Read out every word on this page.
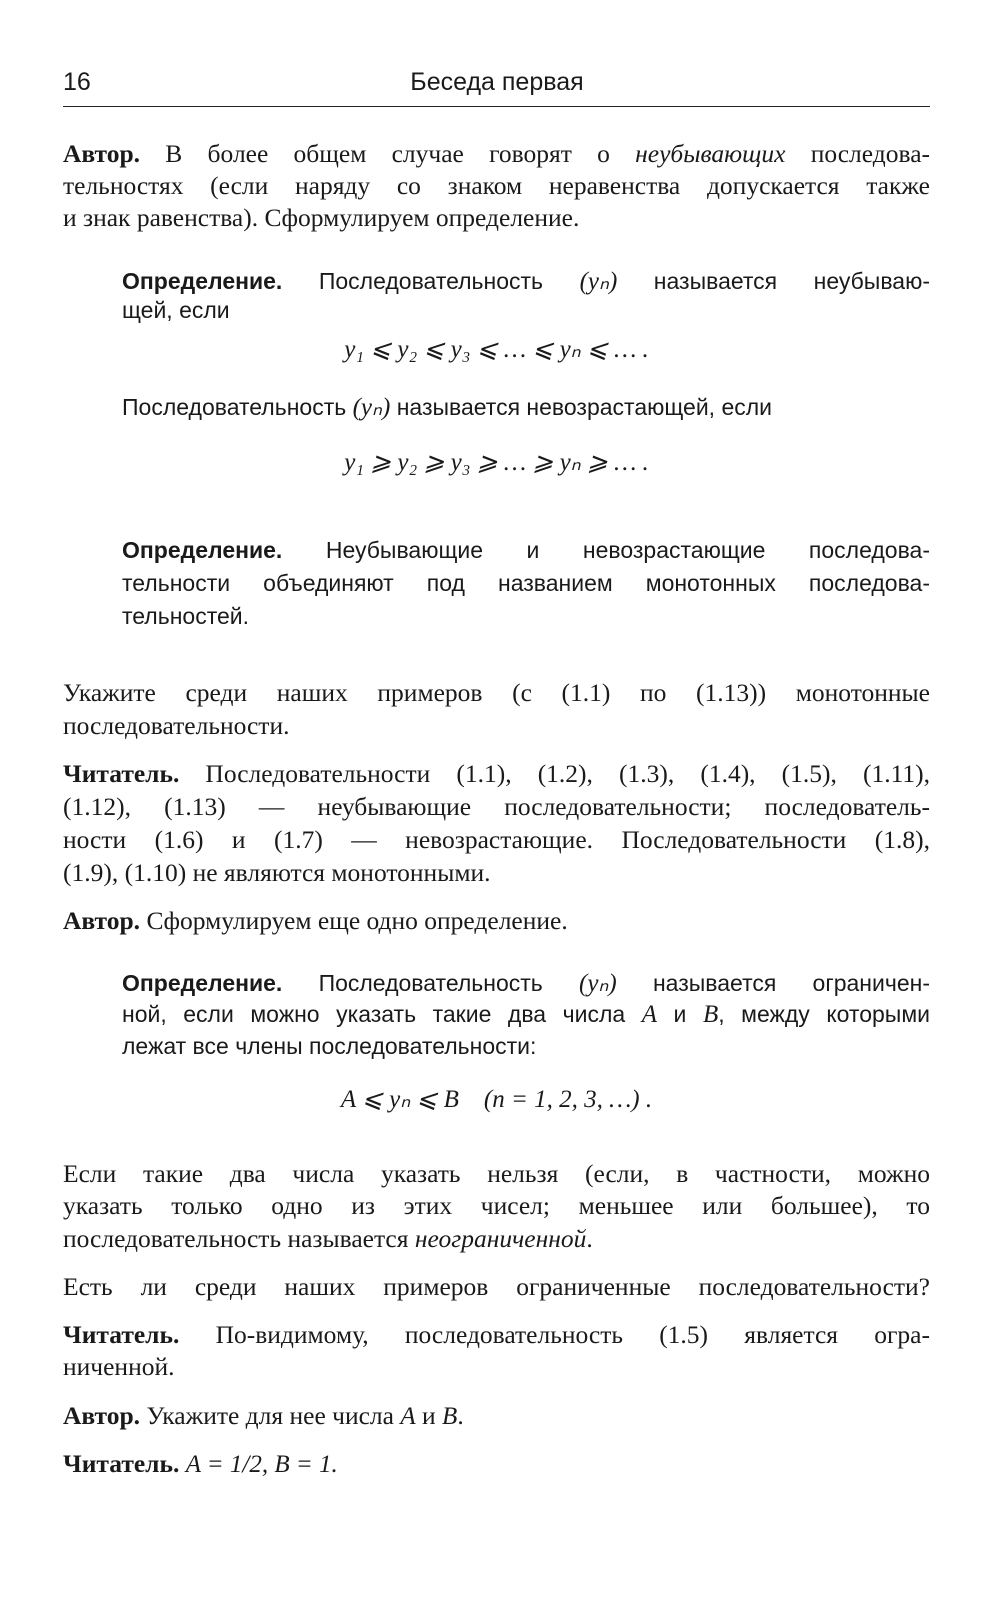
16	Беседа первая
Автор. В более общем случае говорят о неубывающих последова-
тельностях (если наряду со знаком неравенства допускается также
и знак равенства). Сформулируем определение.
Определение. Последовательность (yₙ) называется неубываю-
щей, если
y₁ ⩽ y₂ ⩽ y₃ ⩽ … ⩽ yₙ ⩽ … .
Последовательность (yₙ) называется невозрастающей, если
y₁ ⩾ y₂ ⩾ y₃ ⩾ … ⩾ yₙ ⩾ … .
Определение. Неубывающие и невозрастающие последова-
тельности объединяют под названием монотонных последова-
тельностей.
Укажите среди наших примеров (с (1.1) по (1.13)) монотонные
последовательности.
Читатель. Последовательности (1.1), (1.2), (1.3), (1.4), (1.5), (1.11),
(1.12), (1.13) — неубывающие последовательности; последователь-
ности (1.6) и (1.7) — невозрастающие. Последовательности (1.8),
(1.9), (1.10) не являются монотонными.
Автор. Сформулируем еще одно определение.
Определение. Последовательность (yₙ) называется ограничен-
ной, если можно указать такие два числа A и B, между которыми
лежат все члены последовательности:
A ⩽ yₙ ⩽ B    (n = 1, 2, 3, …) .
Если такие два числа указать нельзя (если, в частности, можно
указать только одно из этих чисел; меньшее или большее), то
последовательность называется неограниченной.
Есть ли среди наших примеров ограниченные последовательности?
Читатель. По-видимому, последовательность (1.5) является огра-
ниченной.
Автор. Укажите для нее числа A и B.
Читатель. A = 1/2, B = 1.
